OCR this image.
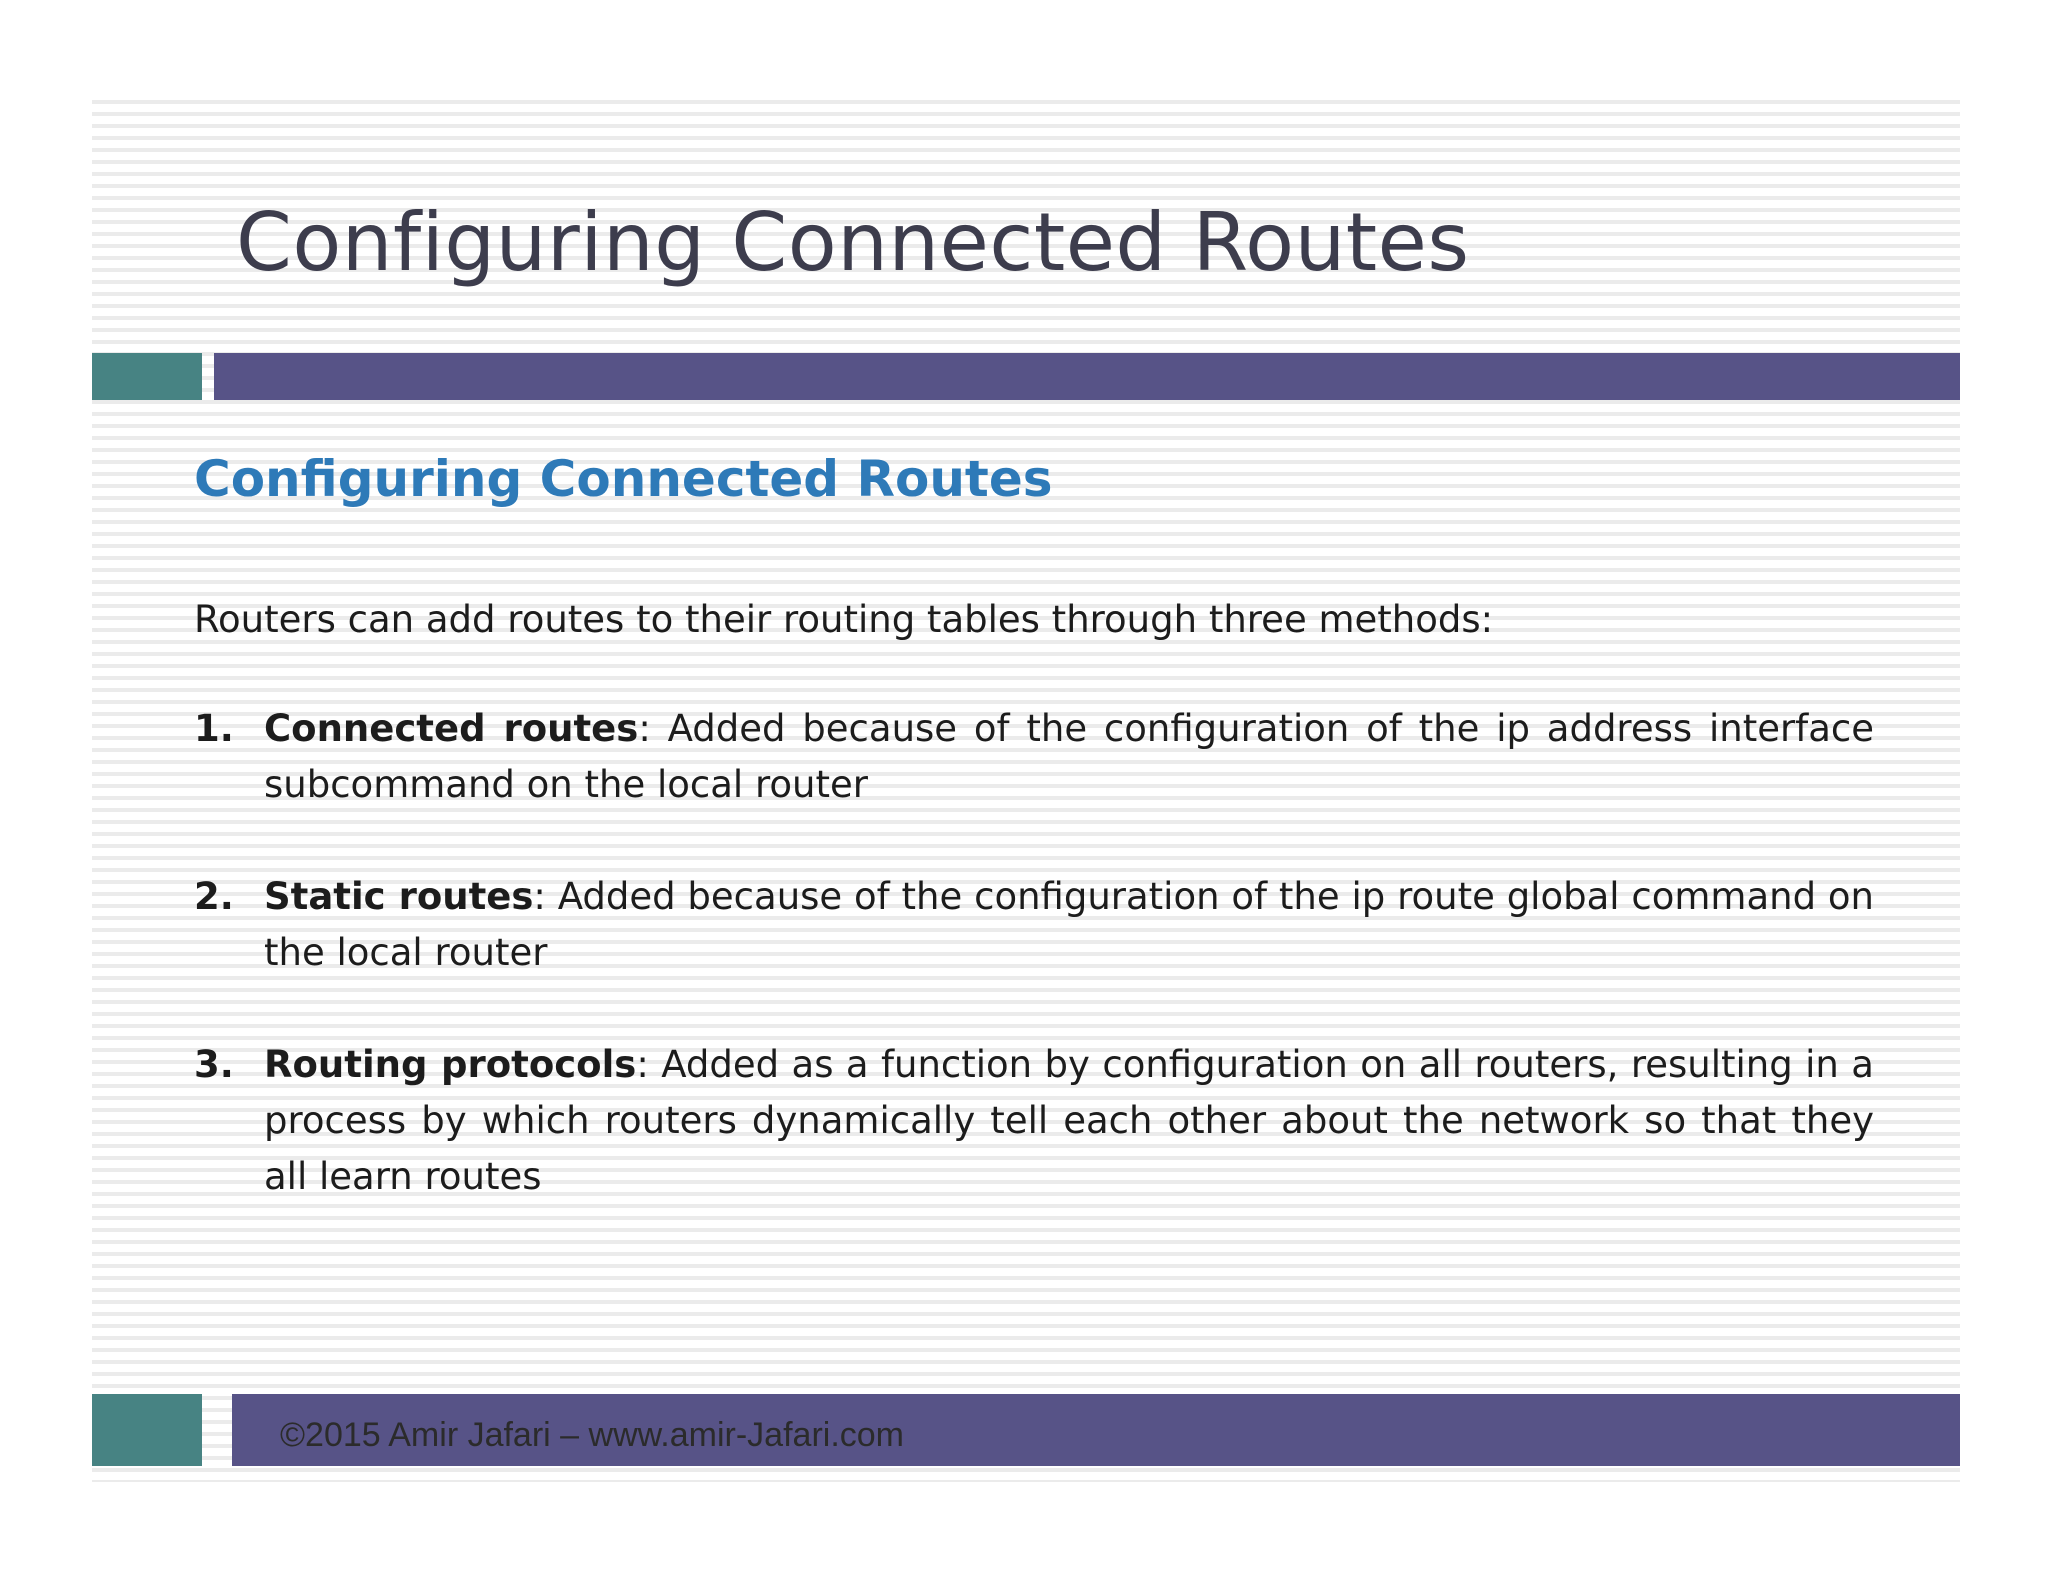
Configuring Connected Routes
Configuring Connected Routes

Routers can add routes to their routing tables through three methods:

1. Connected routes: Added because of the configuration of the ip address interface subcommand on the local router
2. Static routes: Added because of the configuration of the ip route global command on the local router
3. Routing protocols: Added as a function by configuration on all routers, resulting in a process by which routers dynamically tell each other about the network so that they all learn routes
©2015 Amir Jafari – www.amir-Jafari.com
